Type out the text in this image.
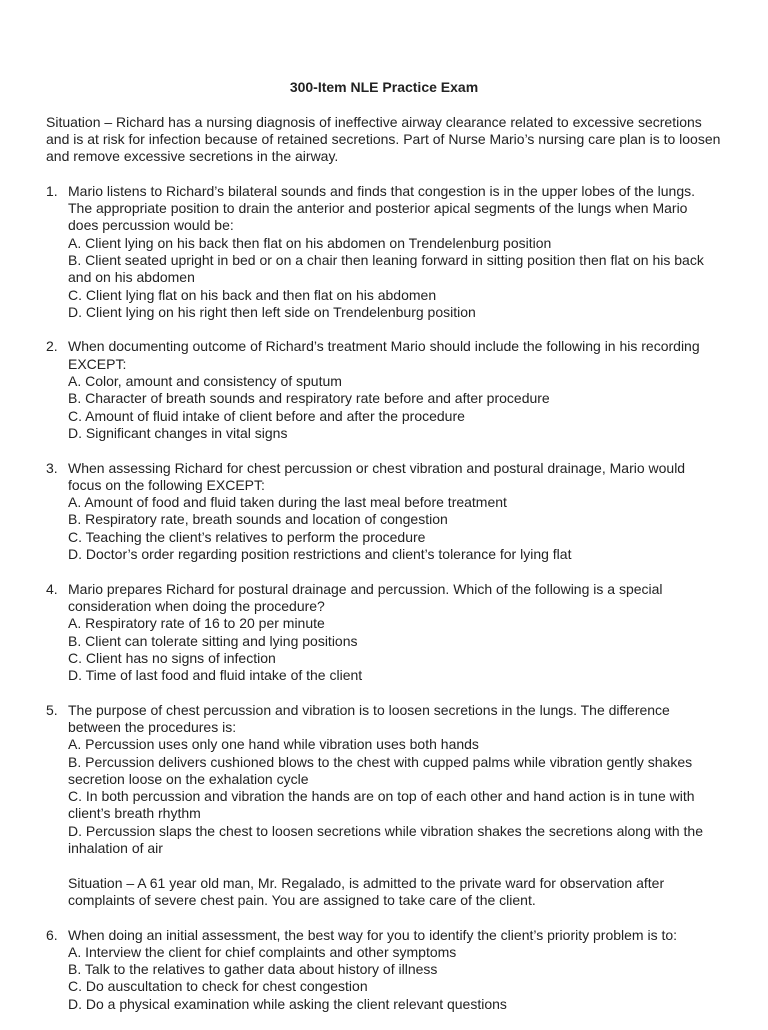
300-Item NLE Practice Exam
Situation – Richard has a nursing diagnosis of ineffective airway clearance related to excessive secretions and is at risk for infection because of retained secretions. Part of Nurse Mario’s nursing care plan is to loosen and remove excessive secretions in the airway.
1. Mario listens to Richard’s bilateral sounds and finds that congestion is in the upper lobes of the lungs. The appropriate position to drain the anterior and posterior apical segments of the lungs when Mario does percussion would be:
A. Client lying on his back then flat on his abdomen on Trendelenburg position
B. Client seated upright in bed or on a chair then leaning forward in sitting position then flat on his back and on his abdomen
C. Client lying flat on his back and then flat on his abdomen
D. Client lying on his right then left side on Trendelenburg position
2. When documenting outcome of Richard’s treatment Mario should include the following in his recording EXCEPT:
A. Color, amount and consistency of sputum
B. Character of breath sounds and respiratory rate before and after procedure
C. Amount of fluid intake of client before and after the procedure
D. Significant changes in vital signs
3. When assessing Richard for chest percussion or chest vibration and postural drainage, Mario would focus on the following EXCEPT:
A. Amount of food and fluid taken during the last meal before treatment
B. Respiratory rate, breath sounds and location of congestion
C. Teaching the client’s relatives to perform the procedure
D. Doctor’s order regarding position restrictions and client’s tolerance for lying flat
4. Mario prepares Richard for postural drainage and percussion. Which of the following is a special consideration when doing the procedure?
A. Respiratory rate of 16 to 20 per minute
B. Client can tolerate sitting and lying positions
C. Client has no signs of infection
D. Time of last food and fluid intake of the client
5. The purpose of chest percussion and vibration is to loosen secretions in the lungs. The difference between the procedures is:
A. Percussion uses only one hand while vibration uses both hands
B. Percussion delivers cushioned blows to the chest with cupped palms while vibration gently shakes secretion loose on the exhalation cycle
C. In both percussion and vibration the hands are on top of each other and hand action is in tune with client’s breath rhythm
D. Percussion slaps the chest to loosen secretions while vibration shakes the secretions along with the inhalation of air
Situation – A 61 year old man, Mr. Regalado, is admitted to the private ward for observation after complaints of severe chest pain. You are assigned to take care of the client.
6. When doing an initial assessment, the best way for you to identify the client’s priority problem is to:
A. Interview the client for chief complaints and other symptoms
B. Talk to the relatives to gather data about history of illness
C. Do auscultation to check for chest congestion
D. Do a physical examination while asking the client relevant questions
